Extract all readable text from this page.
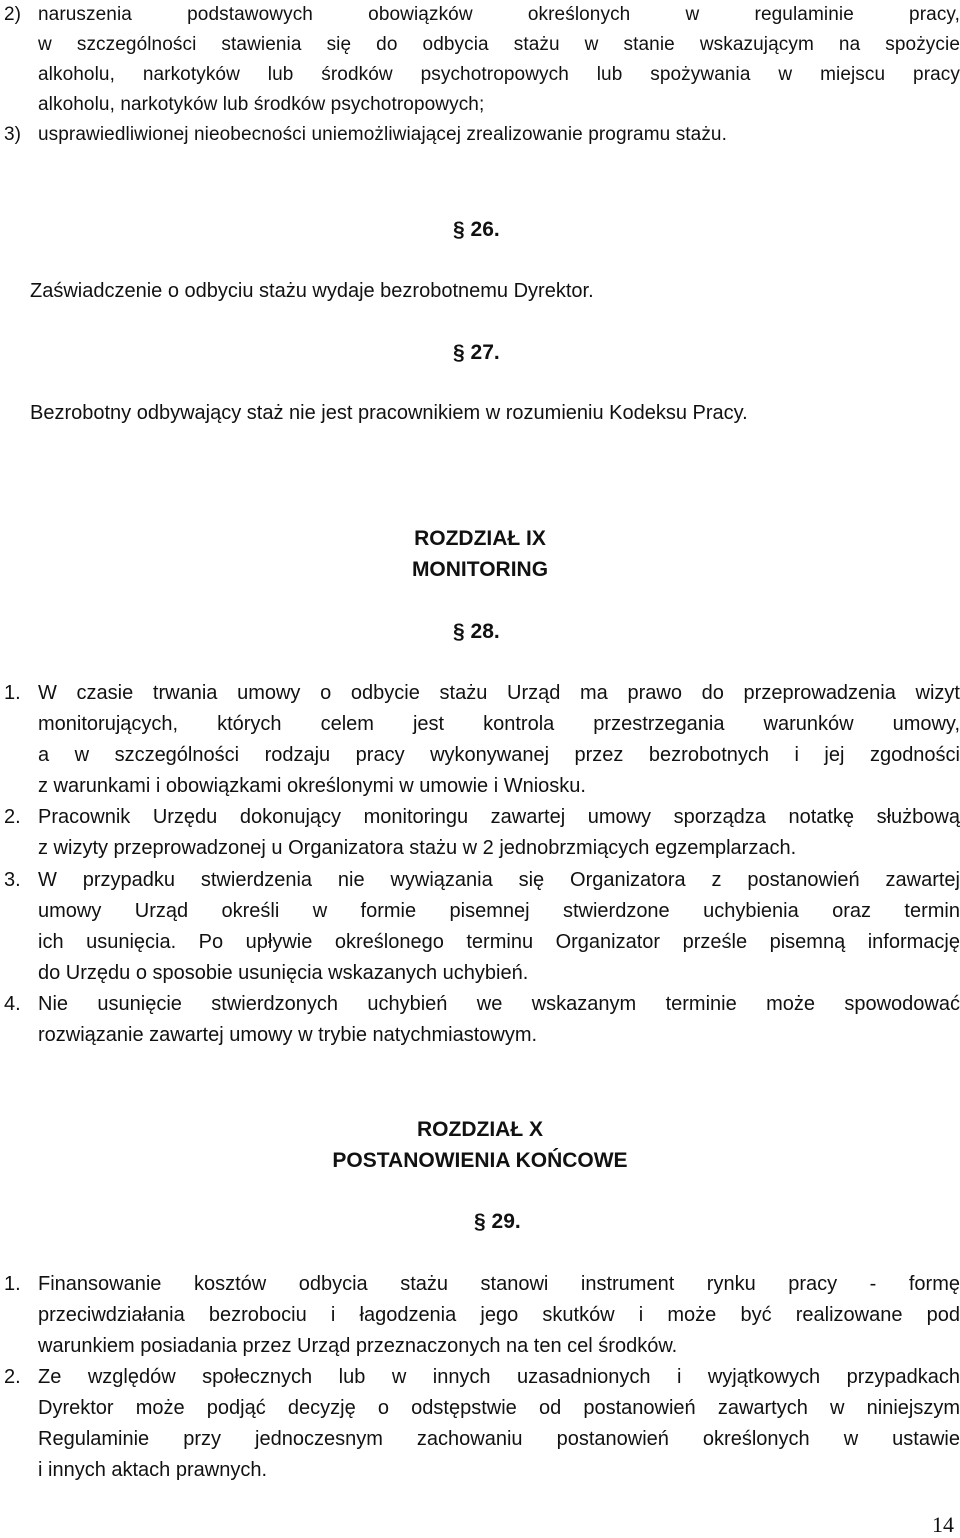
2) naruszenia podstawowych obowiązków określonych w regulaminie pracy,
w szczególności stawienia się do odbycia stażu w stanie wskazującym na spożycie
alkoholu, narkotyków lub środków psychotropowych lub spożywania w miejscu pracy
alkoholu, narkotyków lub środków psychotropowych;
3) usprawiedliwionej nieobecności uniemożliwiającej zrealizowanie programu stażu.
§ 26.
Zaświadczenie o odbyciu stażu wydaje bezrobotnemu Dyrektor.
§ 27.
Bezrobotny odbywający staż nie jest pracownikiem w rozumieniu Kodeksu Pracy.
ROZDZIAŁ IX
MONITORING
§ 28.
1. W czasie trwania umowy o odbycie stażu Urząd ma prawo do przeprowadzenia wizyt
monitorujących, których celem jest kontrola przestrzegania warunków umowy,
a w szczególności rodzaju pracy wykonywanej przez bezrobotnych i jej zgodności
z warunkami i obowiązkami określonymi w umowie i Wniosku.
2. Pracownik Urzędu dokonujący monitoringu zawartej umowy sporządza notatkę służbową
z wizyty przeprowadzonej u Organizatora stażu w 2 jednobrzmiących egzemplarzach.
3. W przypadku stwierdzenia nie wywiązania się Organizatora z postanowień zawartej
umowy Urząd określi w formie pisemnej stwierdzone uchybienia oraz termin
ich usunięcia. Po upływie określonego terminu Organizator prześle pisemną informację
do Urzędu o sposobie usunięcia wskazanych uchybień.
4. Nie usunięcie stwierdzonych uchybień we wskazanym terminie może spowodować
rozwiązanie zawartej umowy w trybie natychmiastowym.
ROZDZIAŁ X
POSTANOWIENIA KOŃCOWE
§ 29.
1. Finansowanie kosztów odbycia stażu stanowi instrument rynku pracy - formę
przeciwdziałania bezrobociu i łagodzenia jego skutków i może być realizowane pod
warunkiem posiadania przez Urząd przeznaczonych na ten cel środków.
2. Ze względów społecznych lub w innych uzasadnionych i wyjątkowych przypadkach
Dyrektor może podjąć decyzję o odstępstwie od postanowień zawartych w niniejszym
Regulaminie przy jednoczesnym zachowaniu postanowień określonych w ustawie
i innych aktach prawnych.
14
